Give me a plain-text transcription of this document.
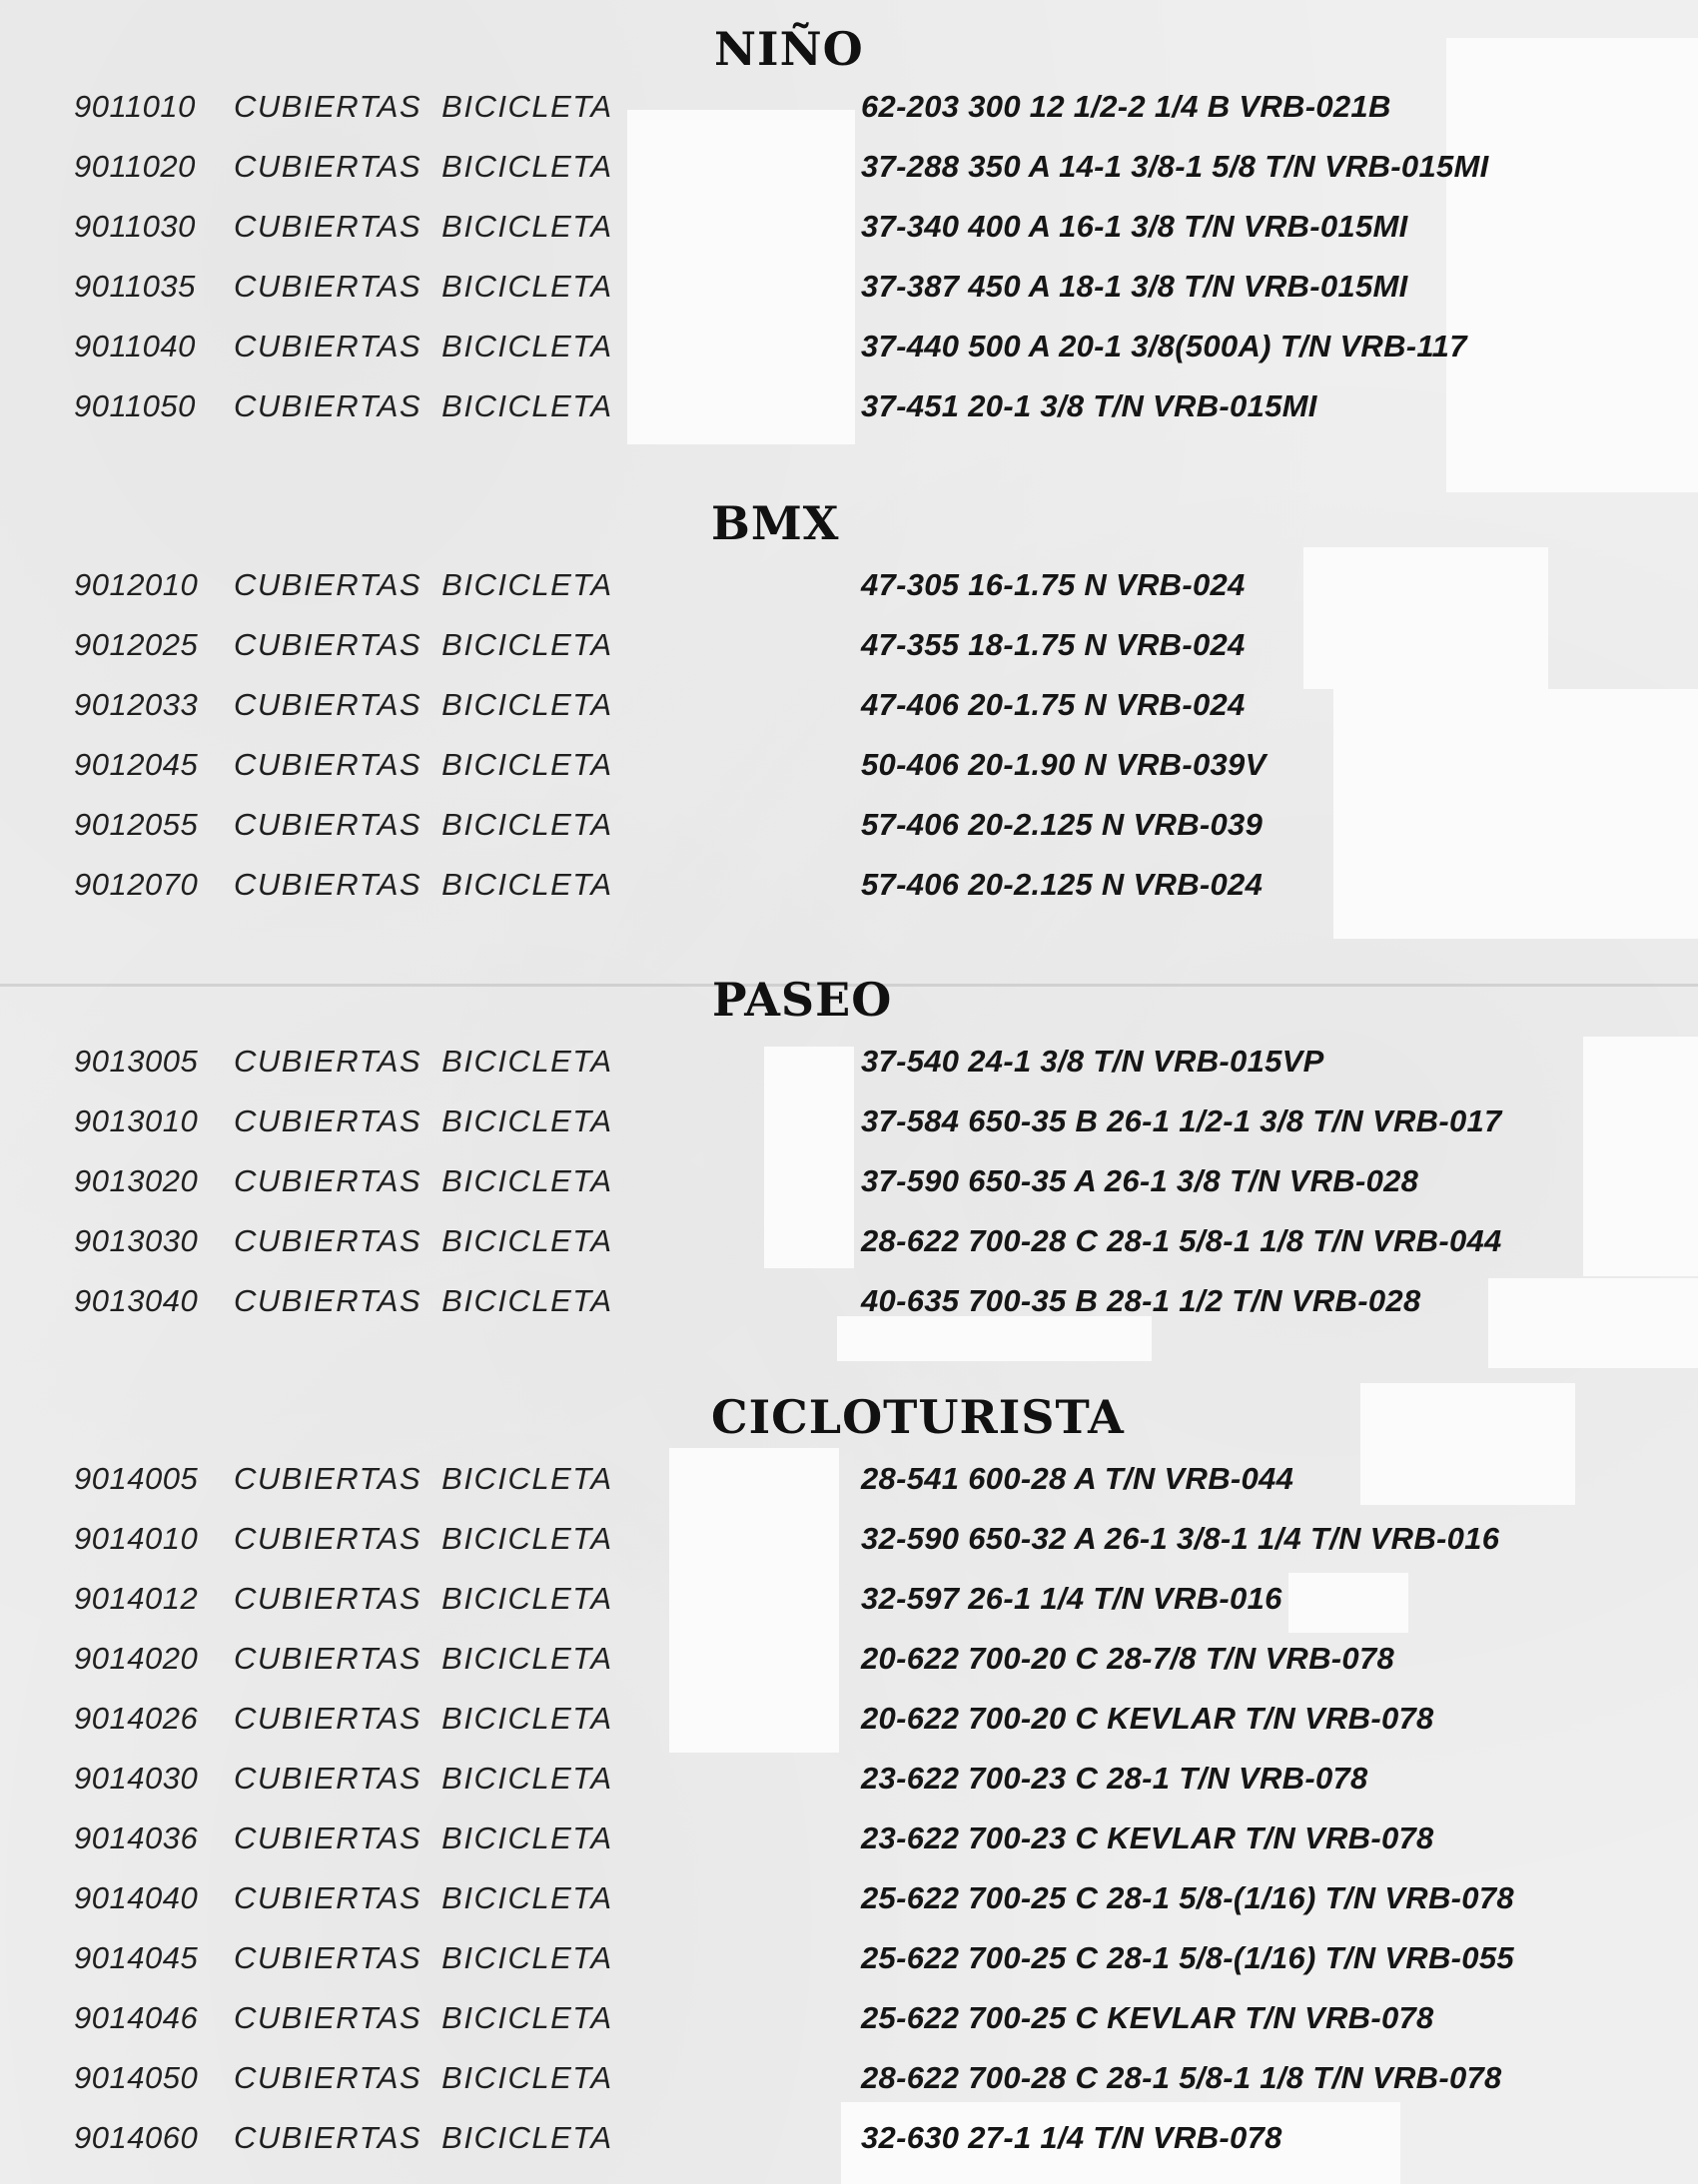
NIÑO
9011010 CUBIERTAS BICICLETA	62-203 300 12 1/2-2 1/4 B VRB-021B
9011020 CUBIERTAS BICICLETA	37-288 350 A 14-1 3/8-1 5/8 T/N VRB-015MI
9011030 CUBIERTAS BICICLETA	37-340 400 A 16-1 3/8 T/N VRB-015MI
9011035 CUBIERTAS BICICLETA	37-387 450 A 18-1 3/8 T/N VRB-015MI
9011040 CUBIERTAS BICICLETA	37-440 500 A 20-1 3/8(500A) T/N VRB-117
9011050 CUBIERTAS BICICLETA	37-451 20-1 3/8 T/N VRB-015MI
BMX
9012010 CUBIERTAS BICICLETA	47-305 16-1.75 N VRB-024
9012025 CUBIERTAS BICICLETA	47-355 18-1.75 N VRB-024
9012033 CUBIERTAS BICICLETA	47-406 20-1.75 N VRB-024
9012045 CUBIERTAS BICICLETA	50-406 20-1.90 N VRB-039V
9012055 CUBIERTAS BICICLETA	57-406 20-2.125 N VRB-039
9012070 CUBIERTAS BICICLETA	57-406 20-2.125 N VRB-024
PASEO
9013005 CUBIERTAS BICICLETA	37-540 24-1 3/8 T/N VRB-015VP
9013010 CUBIERTAS BICICLETA	37-584 650-35 B 26-1 1/2-1 3/8 T/N VRB-017
9013020 CUBIERTAS BICICLETA	37-590 650-35 A 26-1 3/8 T/N VRB-028
9013030 CUBIERTAS BICICLETA	28-622 700-28 C 28-1 5/8-1 1/8 T/N VRB-044
9013040 CUBIERTAS BICICLETA	40-635 700-35 B 28-1 1/2 T/N VRB-028
CICLOTURISTA
9014005 CUBIERTAS BICICLETA	28-541 600-28 A T/N VRB-044
9014010 CUBIERTAS BICICLETA	32-590 650-32 A 26-1 3/8-1 1/4 T/N VRB-016
9014012 CUBIERTAS BICICLETA	32-597 26-1 1/4 T/N VRB-016
9014020 CUBIERTAS BICICLETA	20-622 700-20 C 28-7/8 T/N VRB-078
9014026 CUBIERTAS BICICLETA	20-622 700-20 C KEVLAR T/N VRB-078
9014030 CUBIERTAS BICICLETA	23-622 700-23 C 28-1 T/N VRB-078
9014036 CUBIERTAS BICICLETA	23-622 700-23 C KEVLAR T/N VRB-078
9014040 CUBIERTAS BICICLETA	25-622 700-25 C 28-1 5/8-(1/16) T/N VRB-078
9014045 CUBIERTAS BICICLETA	25-622 700-25 C 28-1 5/8-(1/16) T/N VRB-055
9014046 CUBIERTAS BICICLETA	25-622 700-25 C KEVLAR T/N VRB-078
9014050 CUBIERTAS BICICLETA	28-622 700-28 C 28-1 5/8-1 1/8 T/N VRB-078
9014060 CUBIERTAS BICICLETA	32-630 27-1 1/4 T/N VRB-078
